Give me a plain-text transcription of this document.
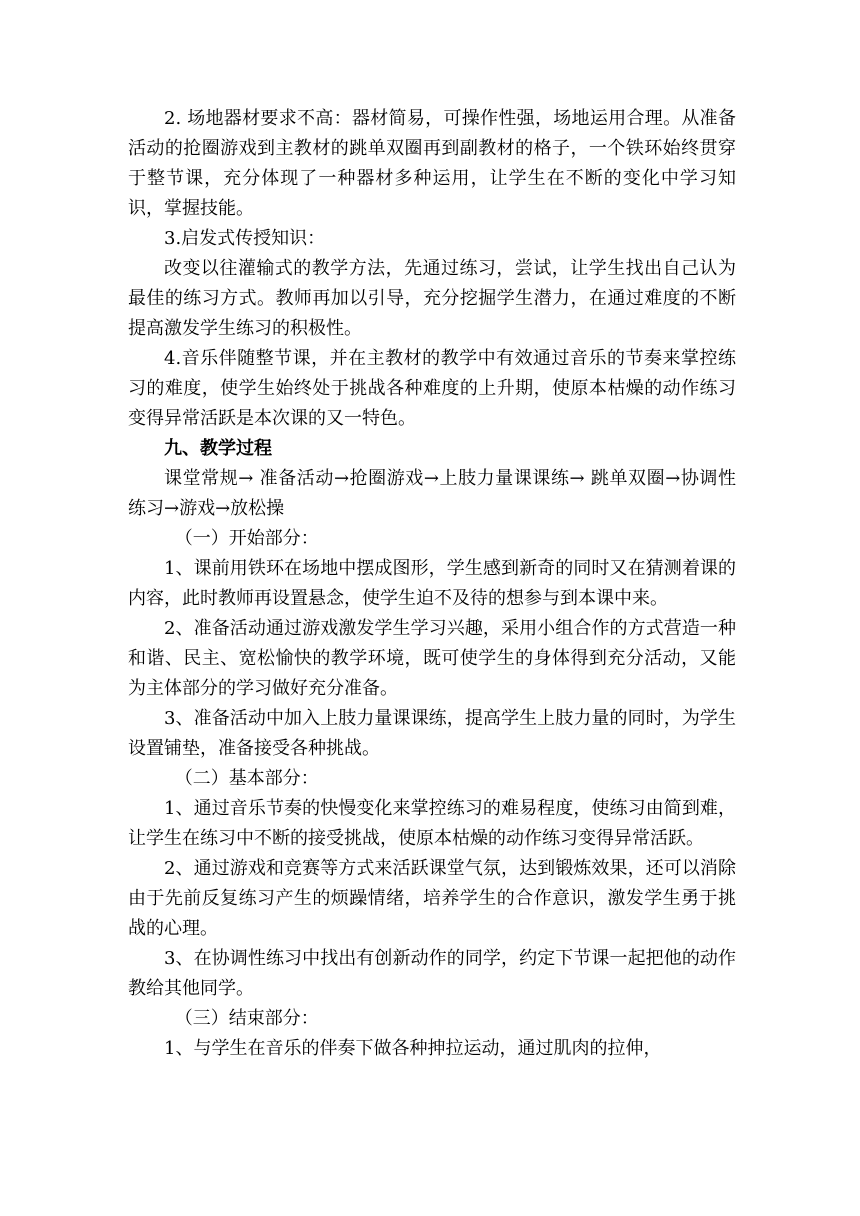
2. 场地器材要求不高：器材简易，可操作性强，场地运用合理。从准备活动的抢圈游戏到主教材的跳单双圈再到副教材的格子，一个铁环始终贯穿于整节课，充分体现了一种器材多种运用，让学生在不断的变化中学习知识，掌握技能。

3.启发式传授知识：

改变以往灌输式的教学方法，先通过练习，尝试，让学生找出自己认为最佳的练习方式。教师再加以引导，充分挖掘学生潜力，在通过难度的不断提高激发学生练习的积极性。

4.音乐伴随整节课，并在主教材的教学中有效通过音乐的节奏来掌控练习的难度，使学生始终处于挑战各种难度的上升期，使原本枯燥的动作练习变得异常活跃是本次课的又一特色。

九、教学过程

课堂常规→ 准备活动→抢圈游戏→上肢力量课课练→ 跳单双圈→协调性练习→游戏→放松操

（一）开始部分：

1、课前用铁环在场地中摆成图形，学生感到新奇的同时又在猜测着课的内容，此时教师再设置悬念，使学生迫不及待的想参与到本课中来。

2、准备活动通过游戏激发学生学习兴趣，采用小组合作的方式营造一种和谐、民主、宽松愉快的教学环境，既可使学生的身体得到充分活动，又能为主体部分的学习做好充分准备。

3、准备活动中加入上肢力量课课练，提高学生上肢力量的同时，为学生设置铺垫，准备接受各种挑战。

（二）基本部分：

1、通过音乐节奏的快慢变化来掌控练习的难易程度，使练习由简到难，让学生在练习中不断的接受挑战，使原本枯燥的动作练习变得异常活跃。

2、通过游戏和竞赛等方式来活跃课堂气氛，达到锻炼效果，还可以消除由于先前反复练习产生的烦躁情绪，培养学生的合作意识，激发学生勇于挑战的心理。

3、在协调性练习中找出有创新动作的同学，约定下节课一起把他的动作教给其他同学。

（三）结束部分：

1、与学生在音乐的伴奏下做各种抻拉运动，通过肌肉的拉伸，
